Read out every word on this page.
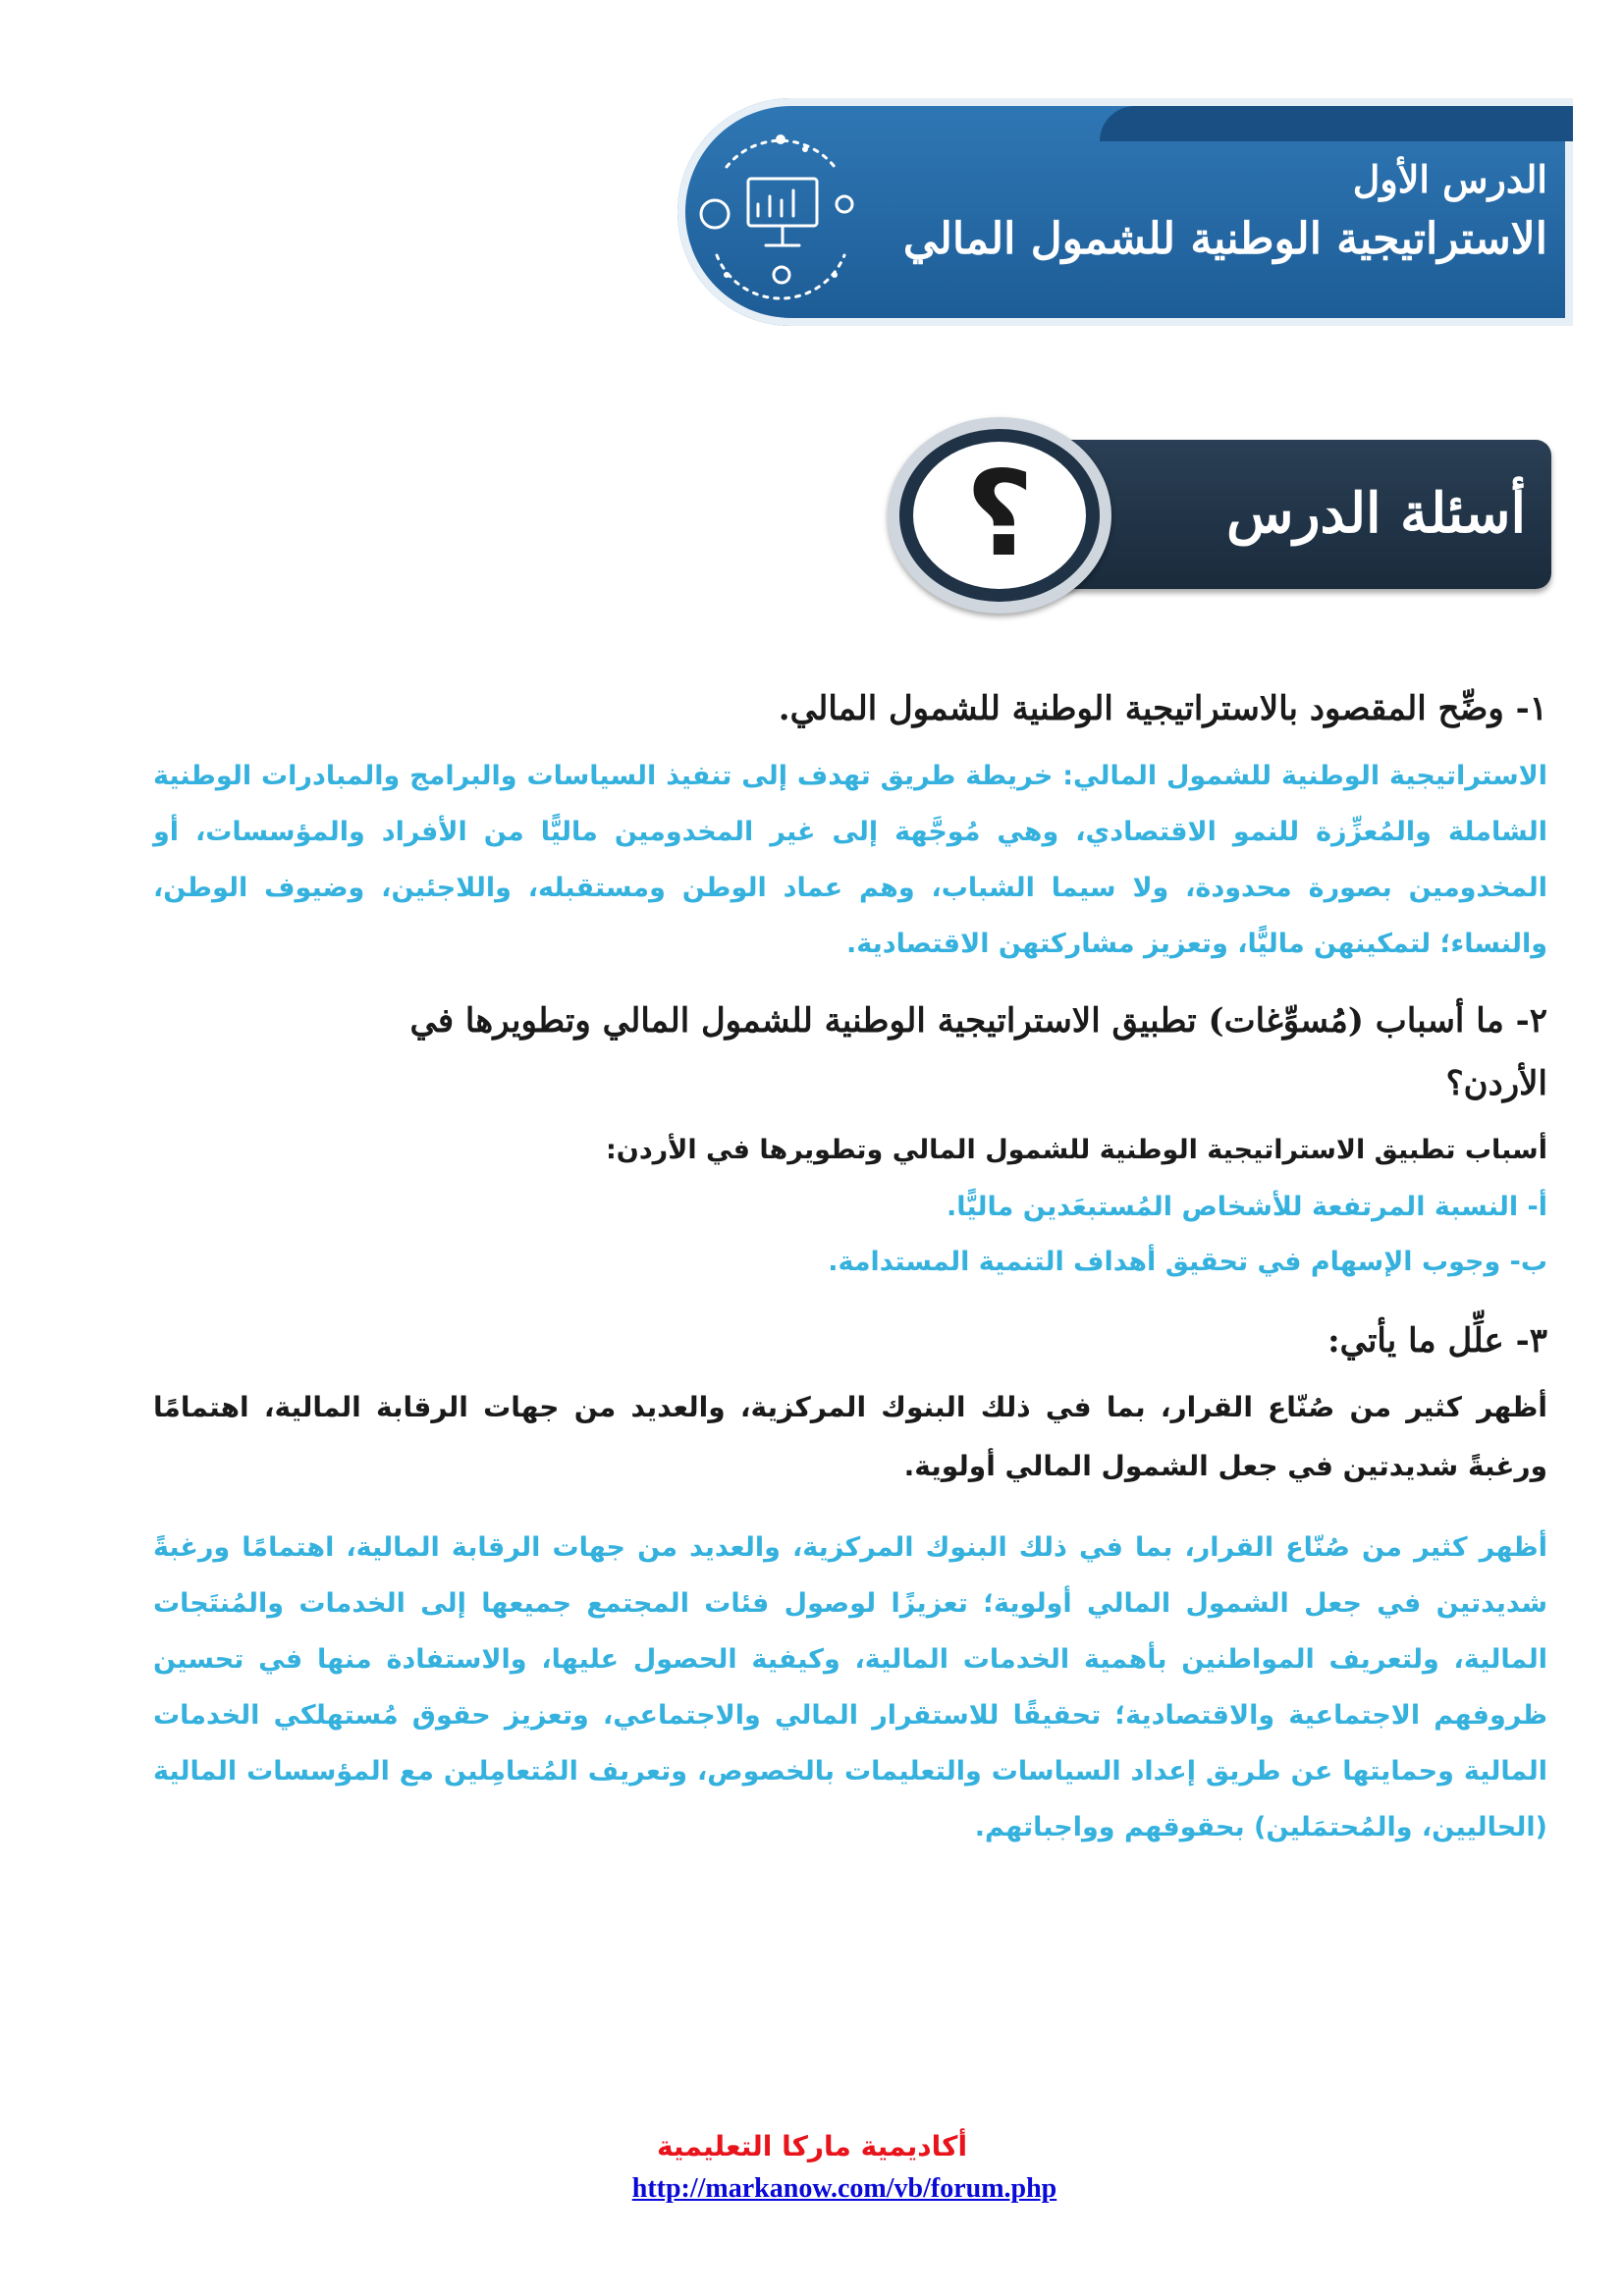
الدرس الأول
الاستراتيجية الوطنية للشمول المالي
؟	أسئلة الدرس

١- وضِّح المقصود بالاستراتيجية الوطنية للشمول المالي.

الاستراتيجية الوطنية للشمول المالي: خريطة طريق تهدف إلى تنفيذ السياسات والبرامج والمبادرات الوطنية الشاملة والمُعزِّزة للنمو الاقتصادي، وهي مُوجَّهة إلى غير المخدومين ماليًّا من الأفراد والمؤسسات، أو المخدومين بصورة محدودة، ولا سيما الشباب، وهم عماد الوطن ومستقبله، واللاجئين، وضيوف الوطن، والنساء؛ لتمكينهن ماليًّا، وتعزيز مشاركتهن الاقتصادية.

٢- ما أسباب (مُسوِّغات) تطبيق الاستراتيجية الوطنية للشمول المالي وتطويرها في

الأردن؟

أسباب تطبيق الاستراتيجية الوطنية للشمول المالي وتطويرها في الأردن:

أ- النسبة المرتفعة للأشخاص المُستبعَدين ماليًّا.

ب- وجوب الإسهام في تحقيق أهداف التنمية المستدامة.

٣- علِّل ما يأتي:

أظهر كثير من صُنّاع القرار، بما في ذلك البنوك المركزية، والعديد من جهات الرقابة المالية، اهتمامًا ورغبةً شديدتين في جعل الشمول المالي أولوية.

أظهر كثير من صُنّاع القرار، بما في ذلك البنوك المركزية، والعديد من جهات الرقابة المالية، اهتمامًا ورغبةً شديدتين في جعل الشمول المالي أولوية؛ تعزيزًا لوصول فئات المجتمع جميعها إلى الخدمات والمُنتَجات المالية، ولتعريف المواطنين بأهمية الخدمات المالية، وكيفية الحصول عليها، والاستفادة منها في تحسين ظروفهم الاجتماعية والاقتصادية؛ تحقيقًا للاستقرار المالي والاجتماعي، وتعزيز حقوق مُستهلكي الخدمات المالية وحمايتها عن طريق إعداد السياسات والتعليمات بالخصوص، وتعريف المُتعامِلين مع المؤسسات المالية (الحاليين، والمُحتمَلين) بحقوقهم وواجباتهم.

أكاديمية ماركا التعليمية
http://markanow.com/vb/forum.php
